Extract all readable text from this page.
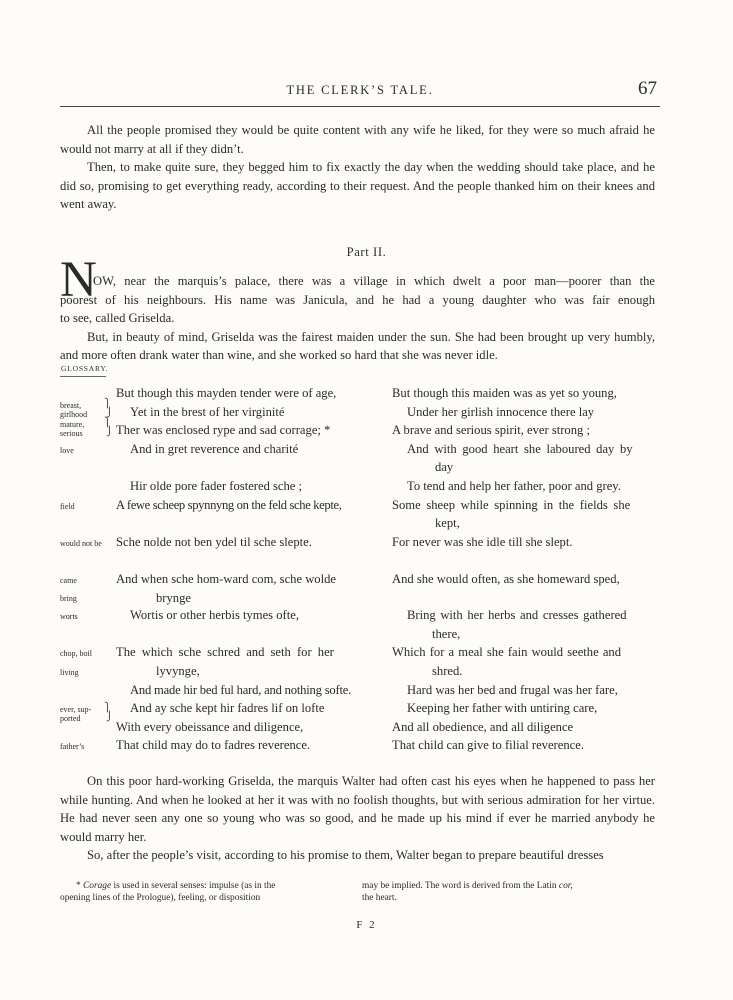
THE CLERK’S TALE.	67

All the people promised they would be quite content with any wife he liked, for they were so much afraid he would not marry at all if they didn’t.

Then, to make quite sure, they begged him to fix exactly the day when the wedding should take place, and he did so, promising to get everything ready, according to their request. And the people thanked him on their knees and went away.

Part II.
N
OW, near the marquis’s palace, there was a village in which dwelt a poor man—poorer than the
poorest of his neighbours. His name was Janicula, and he had a young daughter who was fair enough
to see, called Griselda.

But, in beauty of mind, Griselda was the fairest maiden under the sun. She had been brought up very humbly, and more often drank water than wine, and she worked so hard that she was never idle.

GLOSSARY.
breast,
girlhood
⎫
⎭
mature,
serious
⎫
⎭
love
field
would not be
came
bring
worts
chop, boil
living
ever, sup-
ported
⎫
⎭
father’s
But though this mayden tender were of age,
Yet in the brest of her virginité
Ther was enclosed rype and sad corrage; *
And in gret reverence and charité
Hir olde pore fader fostered sche ;
A fewe scheep spynnyng on the feld sche kepte,
Sche nolde not ben ydel til sche slepte.
And when sche hom-ward com, sche wolde
brynge
Wortis or other herbis tymes ofte,
The which sche schred and seth for her
lyvynge,
And made hir bed ful hard, and nothing softe.
And ay sche kept hir fadres lif on lofte
With every obeissance and diligence,
That child may do to fadres reverence.
But though this maiden was as yet so young,
Under her girlish innocence there lay
A brave and serious spirit, ever strong ;
And with good heart she laboured day by
day
To tend and help her father, poor and grey.
Some sheep while spinning in the fields she
kept,
For never was she idle till she slept.
And she would often, as she homeward sped,
Bring with her herbs and cresses gathered
there,
Which for a meal she fain would seethe and
shred.
Hard was her bed and frugal was her fare,
Keeping her father with untiring care,
And all obedience, and all diligence
That child can give to filial reverence.

On this poor hard-working Griselda, the marquis Walter had often cast his eyes when he happened to pass her while hunting. And when he looked at her it was with no foolish thoughts, but with serious admiration for her virtue. He had never seen any one so young who was so good, and he made up his mind if ever he married anybody he would marry her.

So, after the people’s visit, according to his promise to them, Walter began to prepare beautiful dresses

* Corage is used in several senses: impulse (as in the
opening lines of the Prologue), feeling, or disposition
may be implied. The word is derived from the Latin cor,
the heart.
F 2
